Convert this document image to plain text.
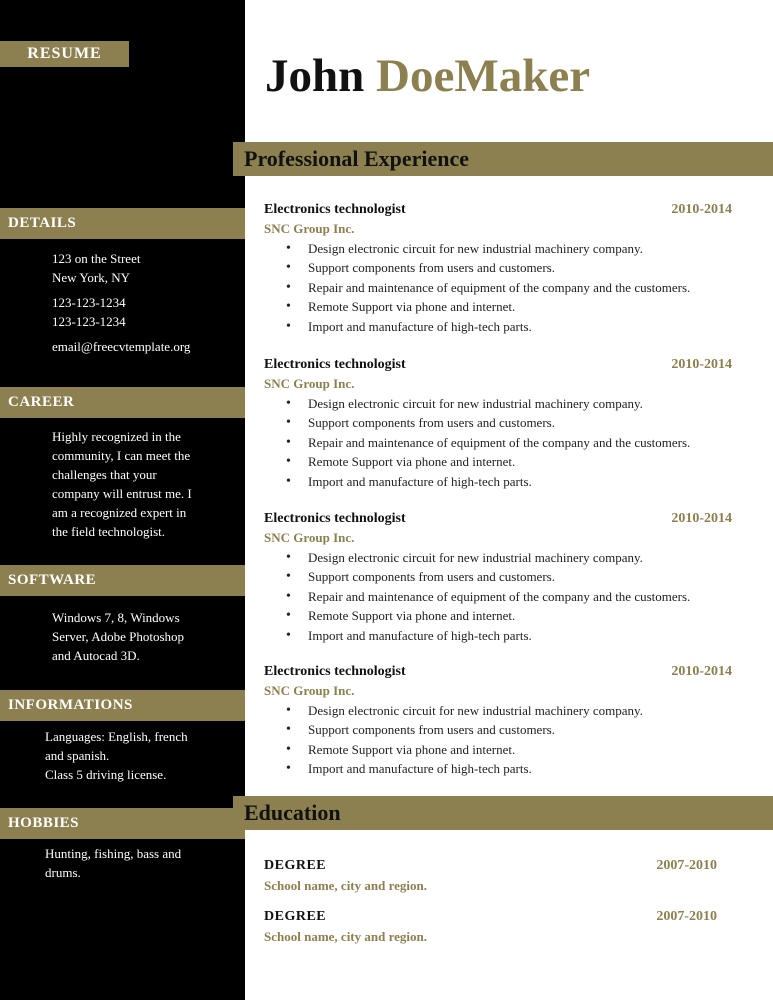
RESUME
DETAILS
123 on the Street
New York, NY
123-123-1234
123-123-1234
email@freecvtemplate.org
CAREER
Highly recognized in the
community, I can meet the
challenges that your
company will entrust me. I
am a recognized expert in
the field technologist.
SOFTWARE
Windows 7, 8, Windows
Server, Adobe Photoshop
and Autocad 3D.
INFORMATIONS
Languages: English, french
and spanish.
Class 5 driving license.
HOBBIES
Hunting, fishing, bass and
drums.
John DoeMaker
Professional Experience
Electronics technologist	2010-2014
SNC Group Inc.
• Design electronic circuit for new industrial machinery company.
• Support components from users and customers.
• Repair and maintenance of equipment of the company and the customers.
• Remote Support via phone and internet.
• Import and manufacture of high-tech parts.
Electronics technologist	2010-2014
SNC Group Inc.
• Design electronic circuit for new industrial machinery company.
• Support components from users and customers.
• Repair and maintenance of equipment of the company and the customers.
• Remote Support via phone and internet.
• Import and manufacture of high-tech parts.
Electronics technologist	2010-2014
SNC Group Inc.
• Design electronic circuit for new industrial machinery company.
• Support components from users and customers.
• Repair and maintenance of equipment of the company and the customers.
• Remote Support via phone and internet.
• Import and manufacture of high-tech parts.
Electronics technologist	2010-2014
SNC Group Inc.
• Design electronic circuit for new industrial machinery company.
• Support components from users and customers.
• Remote Support via phone and internet.
• Import and manufacture of high-tech parts.
Education
DEGREE	2007-2010
School name, city and region.
DEGREE	2007-2010
School name, city and region.
